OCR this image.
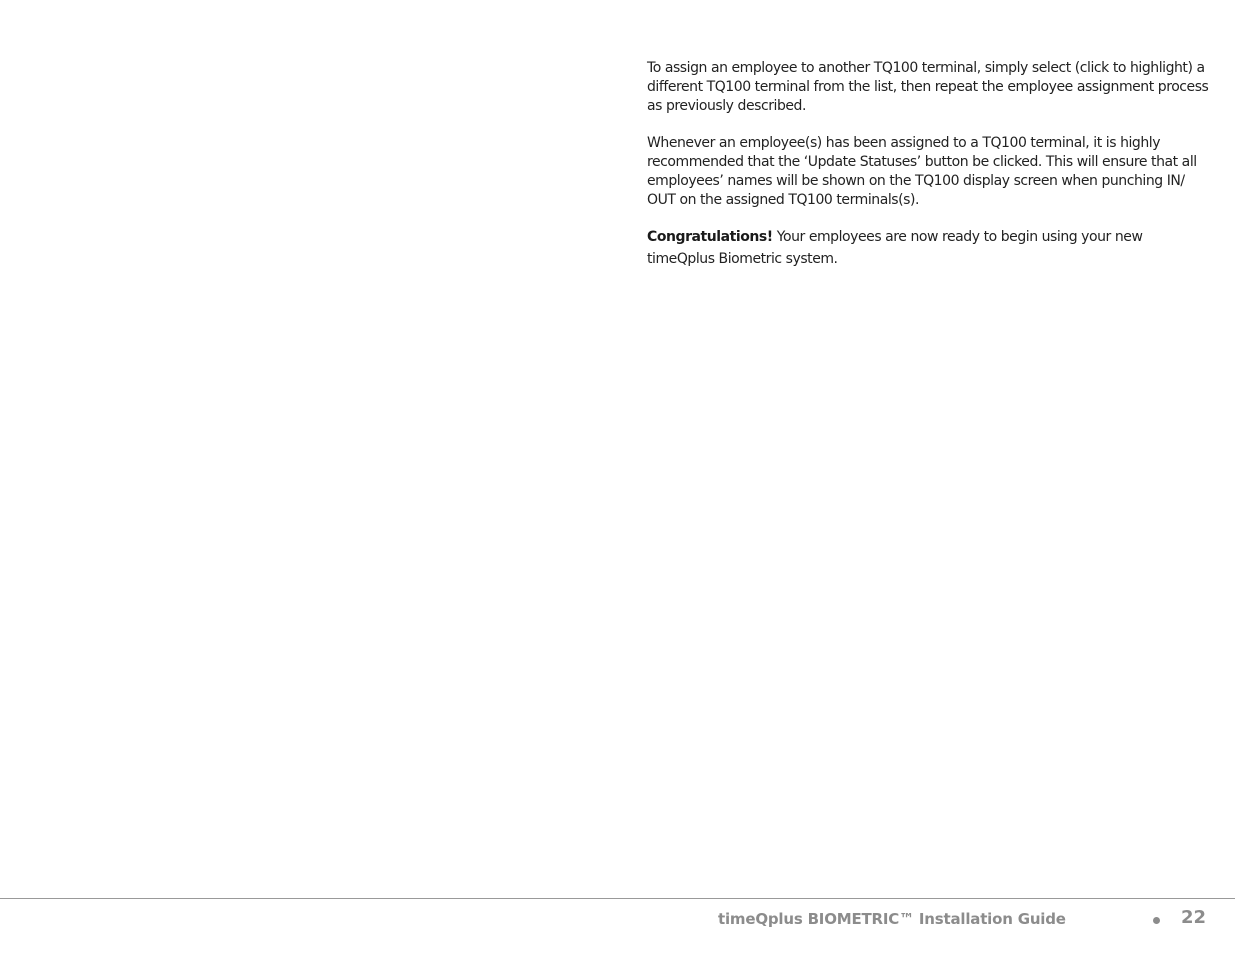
To assign an employee to another TQ100 terminal, simply select (click to highlight) a different TQ100 terminal from the list, then repeat the employee assignment process as previously described.

Whenever an employee(s) has been assigned to a TQ100 terminal, it is highly recommended that the ‘Update Statuses’ button be clicked. This will ensure that all employees’ names will be shown on the TQ100 display screen when punching IN/ OUT on the assigned TQ100 terminals(s).

Congratulations! Your employees are now ready to begin using your new
timeQplus Biometric system.

timeQplus BIOMETRIC™ Installation Guide	22
